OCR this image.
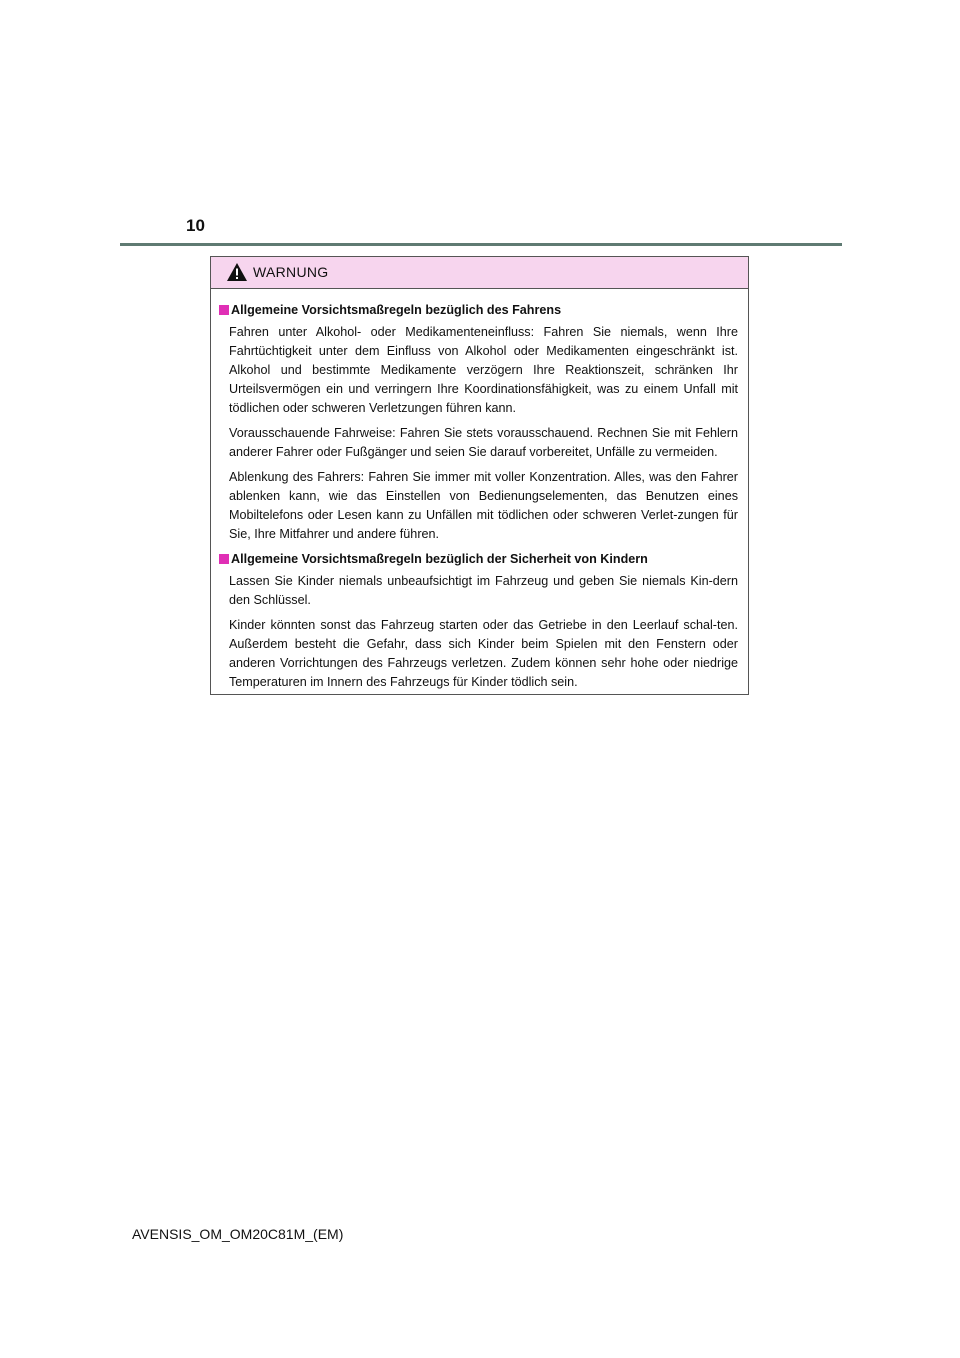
10
WARNUNG
Allgemeine Vorsichtsmaßregeln bezüglich des Fahrens

Fahren unter Alkohol- oder Medikamenteneinfluss: Fahren Sie niemals, wenn Ihre Fahrtüchtigkeit unter dem Einfluss von Alkohol oder Medikamenten eingeschränkt ist. Alkohol und bestimmte Medikamente verzögern Ihre Reaktionszeit, schränken Ihr Urteilsvermögen ein und verringern Ihre Koordinationsfähigkeit, was zu einem Unfall mit tödlichen oder schweren Verletzungen führen kann.

Vorausschauende Fahrweise: Fahren Sie stets vorausschauend. Rechnen Sie mit Fehlern anderer Fahrer oder Fußgänger und seien Sie darauf vorbereitet, Unfälle zu vermeiden.

Ablenkung des Fahrers: Fahren Sie immer mit voller Konzentration. Alles, was den Fahrer ablenken kann, wie das Einstellen von Bedienungselementen, das Benutzen eines Mobiltelefons oder Lesen kann zu Unfällen mit tödlichen oder schweren Verlet-zungen für Sie, Ihre Mitfahrer und andere führen.

Allgemeine Vorsichtsmaßregeln bezüglich der Sicherheit von Kindern

Lassen Sie Kinder niemals unbeaufsichtigt im Fahrzeug und geben Sie niemals Kin-dern den Schlüssel.

Kinder könnten sonst das Fahrzeug starten oder das Getriebe in den Leerlauf schal-ten. Außerdem besteht die Gefahr, dass sich Kinder beim Spielen mit den Fenstern oder anderen Vorrichtungen des Fahrzeugs verletzen. Zudem können sehr hohe oder niedrige Temperaturen im Innern des Fahrzeugs für Kinder tödlich sein.

AVENSIS_OM_OM20C81M_(EM)
